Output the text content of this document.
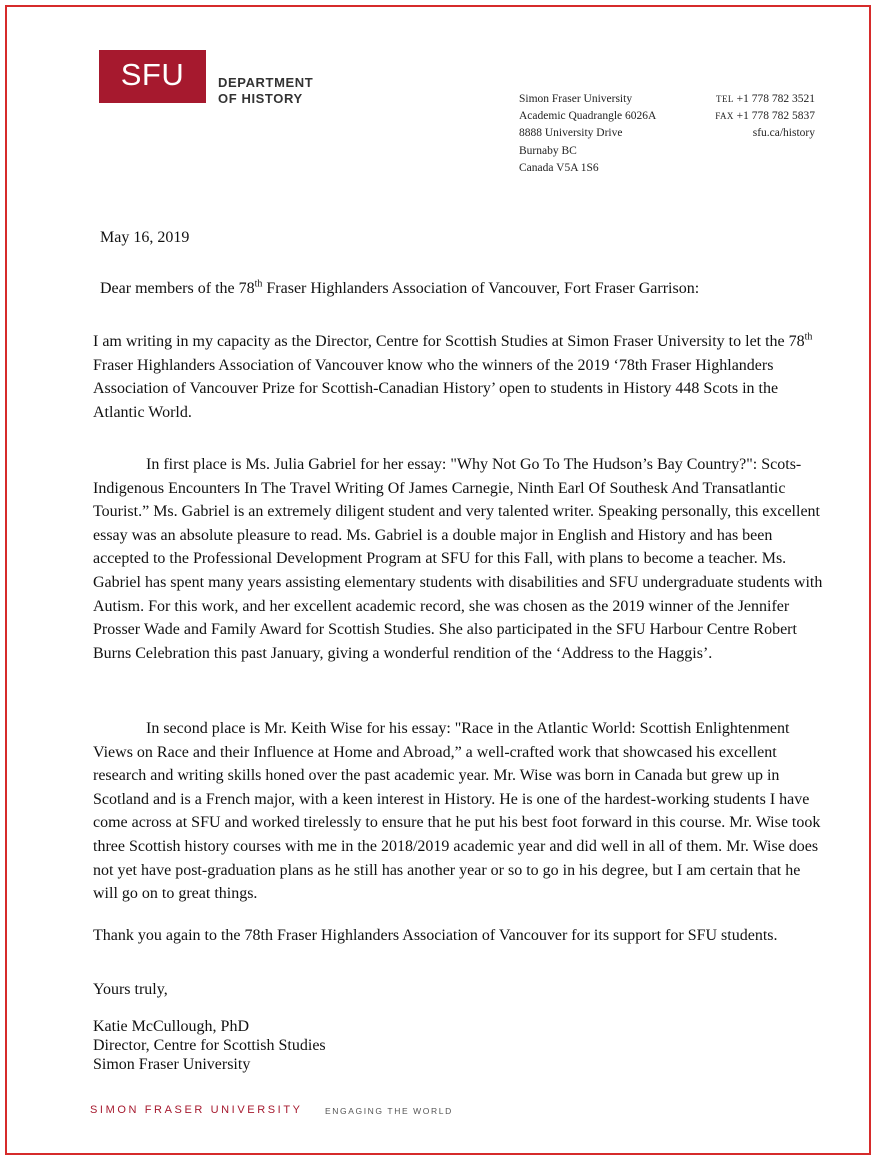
SFU	DEPARTMENT
OF HISTORY	Simon Fraser University
Academic Quadrangle 6026A
8888 University Drive
Burnaby BC
Canada V5A 1S6
TEL +1 778 782 3521
FAX +1 778 782 5837
sfu.ca/history
May 16, 2019
Dear members of the 78th Fraser Highlanders Association of Vancouver, Fort Fraser Garrison:

I am writing in my capacity as the Director, Centre for Scottish Studies at Simon Fraser University to let the 78th Fraser Highlanders Association of Vancouver know who the winners of the 2019 ‘78th Fraser Highlanders Association of Vancouver Prize for Scottish-Canadian History’ open to students in History 448 Scots in the Atlantic World.

In first place is Ms. Julia Gabriel for her essay: "Why Not Go To The Hudson’s Bay Country?": Scots-Indigenous Encounters In The Travel Writing Of James Carnegie, Ninth Earl Of Southesk And Transatlantic Tourist.” Ms. Gabriel is an extremely diligent student and very talented writer. Speaking personally, this excellent essay was an absolute pleasure to read. Ms. Gabriel is a double major in English and History and has been accepted to the Professional Development Program at SFU for this Fall, with plans to become a teacher. Ms. Gabriel has spent many years assisting elementary students with disabilities and SFU undergraduate students with Autism. For this work, and her excellent academic record, she was chosen as the 2019 winner of the Jennifer Prosser Wade and Family Award for Scottish Studies. She also participated in the SFU Harbour Centre Robert Burns Celebration this past January, giving a wonderful rendition of the ‘Address to the Haggis’.

In second place is Mr. Keith Wise for his essay: "Race in the Atlantic World: Scottish Enlightenment Views on Race and their Influence at Home and Abroad,” a well-crafted work that showcased his excellent research and writing skills honed over the past academic year. Mr. Wise was born in Canada but grew up in Scotland and is a French major, with a keen interest in History. He is one of the hardest-working students I have come across at SFU and worked tirelessly to ensure that he put his best foot forward in this course. Mr. Wise took three Scottish history courses with me in the 2018/2019 academic year and did well in all of them. Mr. Wise does not yet have post-graduation plans as he still has another year or so to go in his degree, but I am certain that he will go on to great things.

Thank you again to the 78th Fraser Highlanders Association of Vancouver for its support for SFU students.

Yours truly,
Katie McCullough, PhD
Director, Centre for Scottish Studies
Simon Fraser University
SIMON FRASER UNIVERSITY	ENGAGING THE WORLD
